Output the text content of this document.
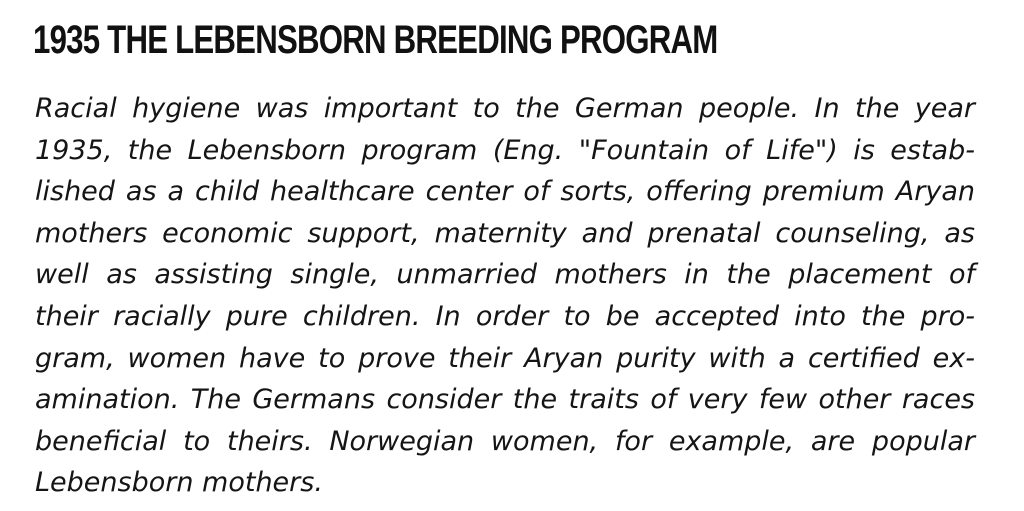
1935 THE LEBENSBORN BREEDING PROGRAM
Racial hygiene was important to the German people. In the year
1935, the Lebensborn program (Eng. "Fountain of Life") is estab-
lished as a child healthcare center of sorts, offering premium Aryan
mothers economic support, maternity and prenatal counseling, as
well as assisting single, unmarried mothers in the placement of
their racially pure children. In order to be accepted into the pro-
gram, women have to prove their Aryan purity with a certified ex-
amination. The Germans consider the traits of very few other races
beneficial to theirs. Norwegian women, for example, are popular
Lebensborn mothers.
